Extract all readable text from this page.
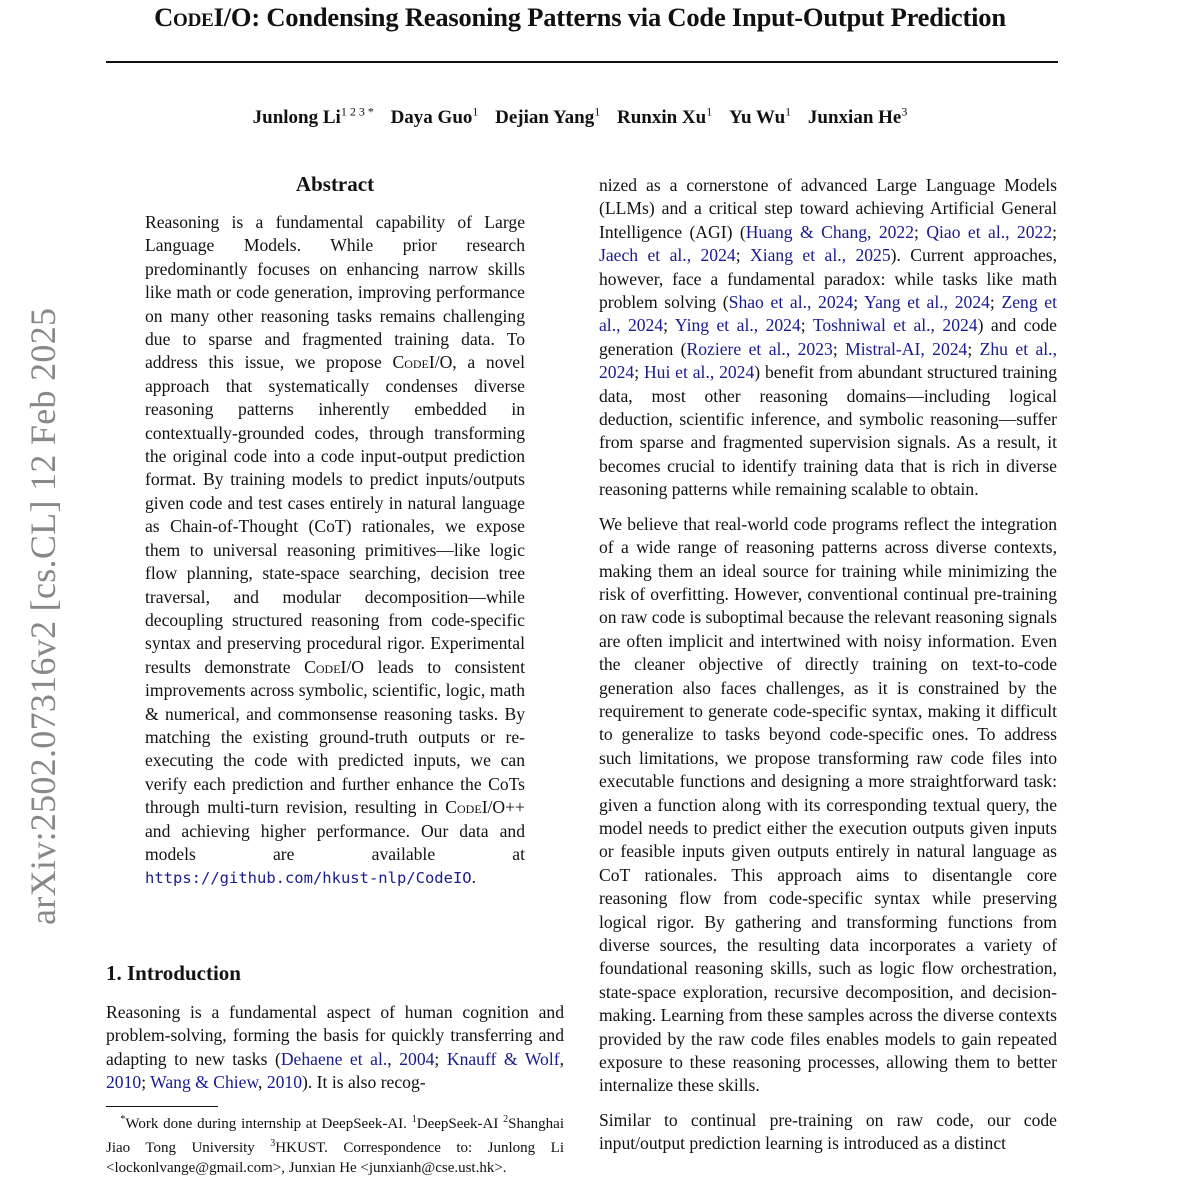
CodeI/O: Condensing Reasoning Patterns via Code Input-Output Prediction
Junlong $Li^{1 2 3 *}$ Daya Guo$^1$ Dejian Yang$^1$ Runxin Xu$^1$ Yu Wu$^1$ Junxian He$^3$
arXiv:2502.07316v2 [cs.CL] 12 Feb 2025
Abstract
Reasoning is a fundamental capability of Large Language Models. While prior research predominantly focuses on enhancing narrow skills like math or code generation, improving performance on many other reasoning tasks remains challenging due to sparse and fragmented training data. To address this issue, we propose CodeI/O, a novel approach that systematically condenses diverse reasoning patterns inherently embedded in contextually-grounded codes, through transforming the original code into a code input-output prediction format. By training models to predict inputs/outputs given code and test cases entirely in natural language as Chain-of-Thought (CoT) rationales, we expose them to universal reasoning primitives—like logic flow planning, state-space searching, decision tree traversal, and modular decomposition—while decoupling structured reasoning from code-specific syntax and preserving procedural rigor. Experimental results demonstrate CodeI/O leads to consistent improvements across symbolic, scientific, logic, math & numerical, and commonsense reasoning tasks. By matching the existing ground-truth outputs or re-executing the code with predicted inputs, we can verify each prediction and further enhance the CoTs through multi-turn revision, resulting in CodeI/O++ and achieving higher performance. Our data and models are available at https://github.com/hkust-nlp/CodeIO.
1. Introduction
Reasoning is a fundamental aspect of human cognition and problem-solving, forming the basis for quickly transferring and adapting to new tasks (Dehaene et al., 2004; Knauff & Wolf, 2010; Wang & Chiew, 2010). It is also recog-
*Work done during internship at DeepSeek-AI. $^1$DeepSeek-AI $^2$Shanghai Jiao Tong University $^3$HKUST. Correspondence to: Junlong Li <lockonlvange@gmail.com>, Junxian He <junxianh@cse.ust.hk>.

nized as a cornerstone of advanced Large Language Models (LLMs) and a critical step toward achieving Artificial General Intelligence (AGI) (Huang & Chang, 2022; Qiao et al., 2022; Jaech et al., 2024; Xiang et al., 2025). Current approaches, however, face a fundamental paradox: while tasks like math problem solving (Shao et al., 2024; Yang et al., 2024; Zeng et al., 2024; Ying et al., 2024; Toshniwal et al., 2024) and code generation (Roziere et al., 2023; Mistral-AI, 2024; Zhu et al., 2024; Hui et al., 2024) benefit from abundant structured training data, most other reasoning domains—including logical deduction, scientific inference, and symbolic reasoning—suffer from sparse and fragmented supervision signals. As a result, it becomes crucial to identify training data that is rich in diverse reasoning patterns while remaining scalable to obtain.

We believe that real-world code programs reflect the integration of a wide range of reasoning patterns across diverse contexts, making them an ideal source for training while minimizing the risk of overfitting. However, conventional continual pre-training on raw code is suboptimal because the relevant reasoning signals are often implicit and intertwined with noisy information. Even the cleaner objective of directly training on text-to-code generation also faces challenges, as it is constrained by the requirement to generate code-specific syntax, making it difficult to generalize to tasks beyond code-specific ones. To address such limitations, we propose transforming raw code files into executable functions and designing a more straightforward task: given a function along with its corresponding textual query, the model needs to predict either the execution outputs given inputs or feasible inputs given outputs entirely in natural language as CoT rationales. This approach aims to disentangle core reasoning flow from code-specific syntax while preserving logical rigor. By gathering and transforming functions from diverse sources, the resulting data incorporates a variety of foundational reasoning skills, such as logic flow orchestration, state-space exploration, recursive decomposition, and decision-making. Learning from these samples across the diverse contexts provided by the raw code files enables models to gain repeated exposure to these reasoning processes, allowing them to better internalize these skills.

Similar to continual pre-training on raw code, our code input/output prediction learning is introduced as a distinct
